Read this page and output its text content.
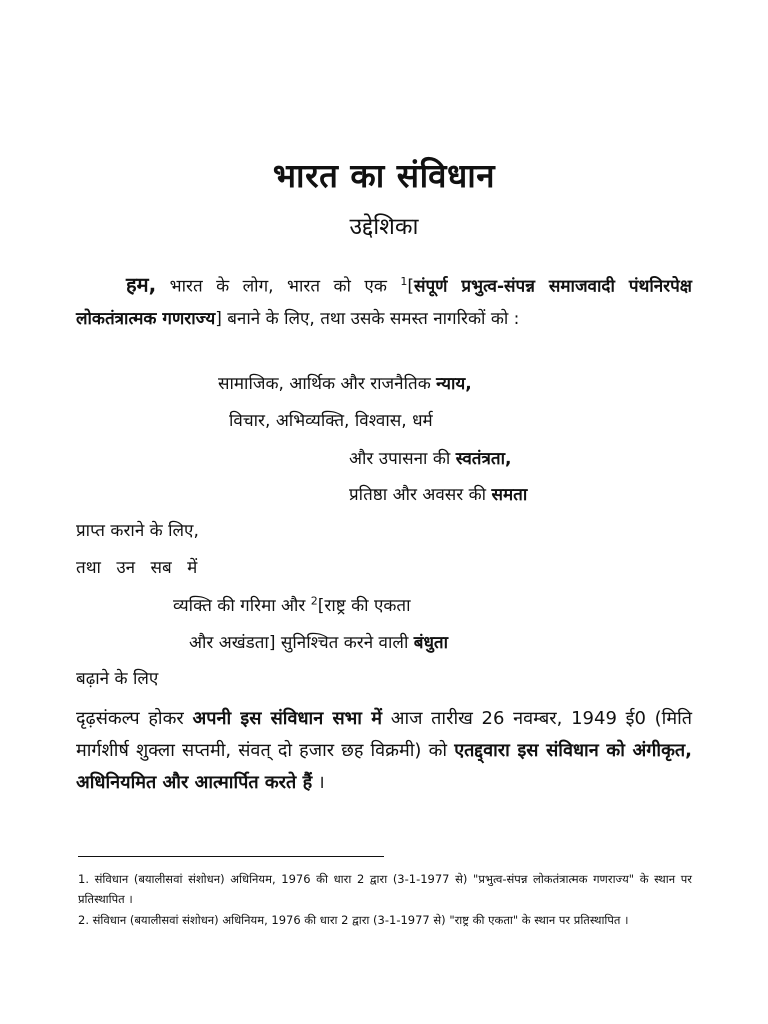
भारत का संविधान
उद्देशिका
हम, भारत के लोग, भारत को एक $^1$[संपूर्ण प्रभुत्व-संपन्न समाजवादी पंथनिरपेक्ष लोकतंत्रात्मक गणराज्य] बनाने के लिए, तथा उसके समस्त नागरिकों को :
सामाजिक, आर्थिक और राजनैतिक न्याय,
विचार, अभिव्यक्ति, विश्वास, धर्म
और उपासना की स्वतंत्रता,
प्रतिष्ठा और अवसर की समता
प्राप्त कराने के लिए,
तथा उन सब में
व्यक्ति की गरिमा और $^2$[राष्ट्र की एकता
और अखंडता] सुनिश्चित करने वाली बंधुता
बढ़ाने के लिए
दृढ़संकल्प होकर अपनी इस संविधान सभा में आज तारीख 26 नवम्बर, 1949 ई0 (मिति मार्गशीर्ष शुक्ला सप्तमी, संवत् दो हजार छह विक्रमी) को एतद्द्वारा इस संविधान को अंगीकृत, अधिनियमित और आत्मार्पित करते हैं ।
1. संविधान (बयालीसवां संशोधन) अधिनियम, 1976 की धारा 2 द्वारा (3-1-1977 से) "प्रभुत्व-संपन्न लोकतंत्रात्मक गणराज्य" के स्थान पर प्रतिस्थापित ।
2. संविधान (बयालीसवां संशोधन) अधिनियम, 1976 की धारा 2 द्वारा (3-1-1977 से) "राष्ट्र की एकता" के स्थान पर प्रतिस्थापित ।
